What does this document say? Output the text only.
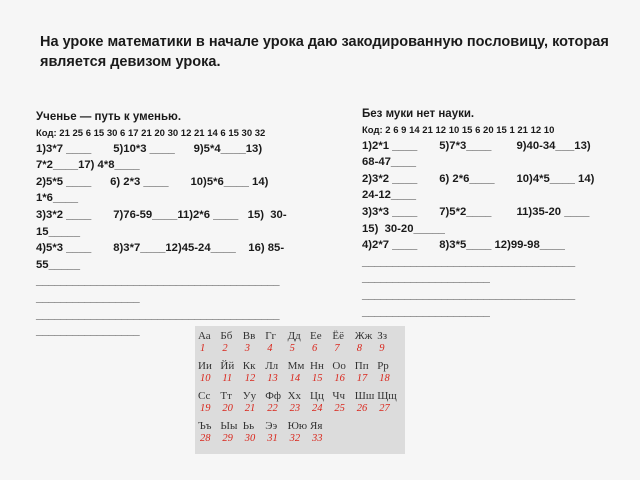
На уроке математики в начале урока даю закодированную пословицу, которая является девизом урока.
Ученье — путь к уменью.
Код: 21 25 6 15 30 6 17 21 20 30 12 21 14 6 15 30 32
1)3*7 ____       5)10*3 ____      9)5*4____13)
7*2____17) 4*8____
2)5*5 ____      6) 2*3 ____       10)5*6____ 14)
1*6____
3)3*2 ____       7)76-59____11)2*6 ____   15)  30-
15_____
4)5*3 ____       8)3*7____12)45-24____    16) 85-
55_____
________________________________________
_________________
________________________________________
_________________
Без муки нет науки.
Код: 2 6 9 14 21 12 10 15 6 20 15 1 21 12 10
1)2*1 ____       5)7*3____        9)40-34___13)
68-47____
2)3*2 ____       6) 2*6____       10)4*5____ 14)
24-12____
3)3*3 ____       7)5*2____        11)35-20 ____
15)  30-20_____
4)2*7 ____       8)3*5____ 12)99-98____
___________________________________
_____________________
___________________________________
_____________________
Аа
1
Бб
2
Вв
3
Гг
4
Дд
5
Ее
6
Ёё
7
Жж
8
Зз
9
Ии
10
Йй
11
Кк
12
Лл
13
Мм
14
Нн
15
Оо
16
Пп
17
Рр
18
Сс
19
Тт
20
Уу
21
Фф
22
Хх
23
Цц
24
Чч
25
Шш
26
Щщ
27
Ъъ
28
Ыы
29
Ьь
30
Ээ
31
Юю
32
Яя
33
